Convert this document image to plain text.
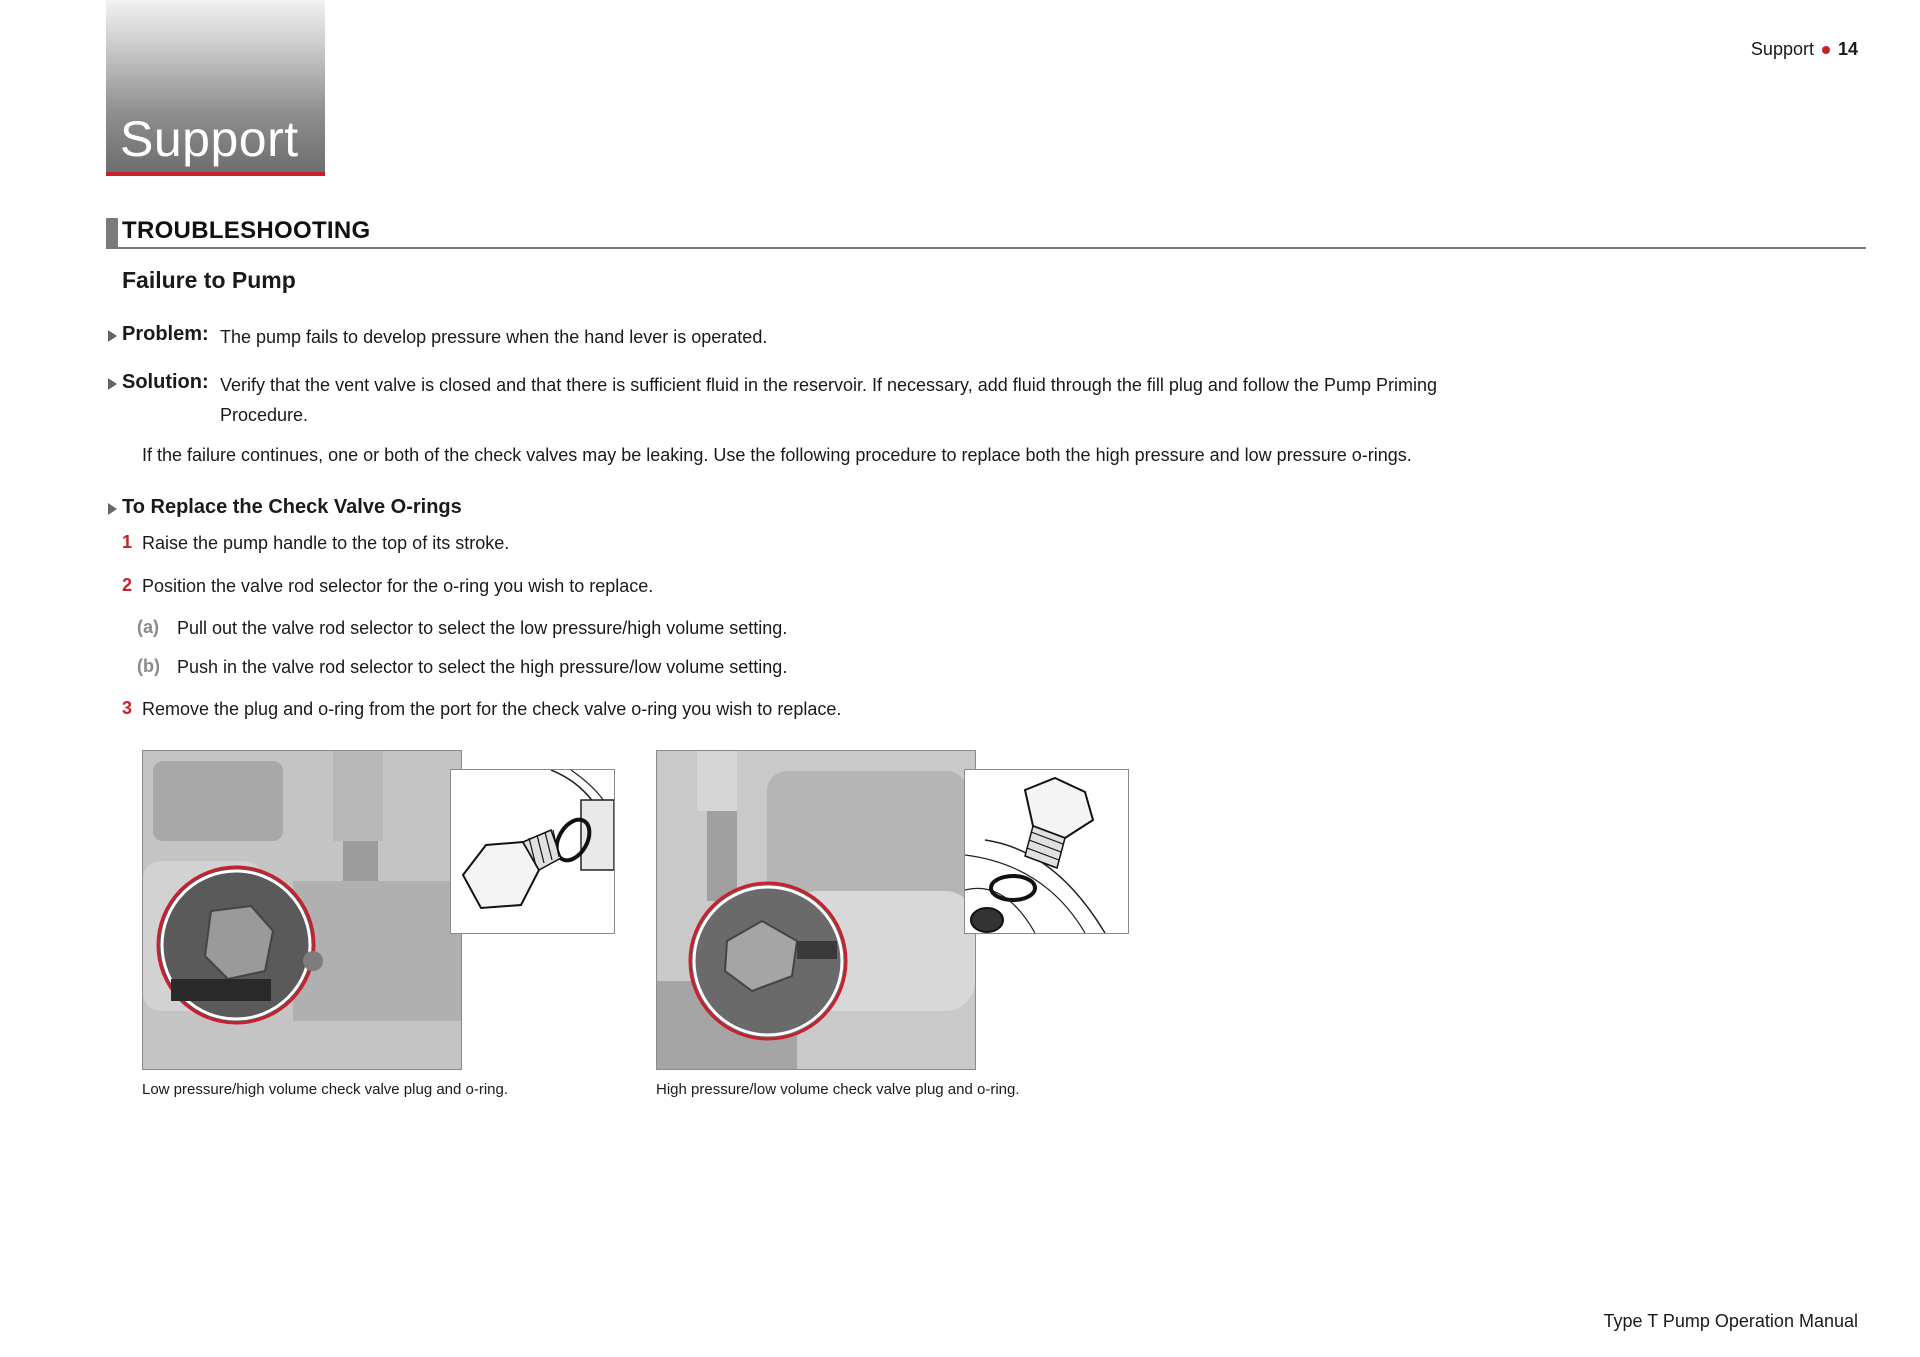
Support
Support 14
TROUBLESHOOTING
Failure to Pump
Problem: The pump fails to develop pressure when the hand lever is operated.
Solution: Verify that the vent valve is closed and that there is sufficient fluid in the reservoir. If necessary, add fluid through the fill plug and follow the Pump Priming Procedure.
If the failure continues, one or both of the check valves may be leaking. Use the following procedure to replace both the high pressure and low pressure o-rings.
To Replace the Check Valve O-rings
1 Raise the pump handle to the top of its stroke.
2 Position the valve rod selector for the o-ring you wish to replace.
(a) Pull out the valve rod selector to select the low pressure/high volume setting.
(b) Push in the valve rod selector to select the high pressure/low volume setting.
3 Remove the plug and o-ring from the port for the check valve o-ring you wish to replace.
Low pressure/high volume check valve plug and o-ring.	High pressure/low volume check valve plug and o-ring.
Type T Pump Operation Manual
